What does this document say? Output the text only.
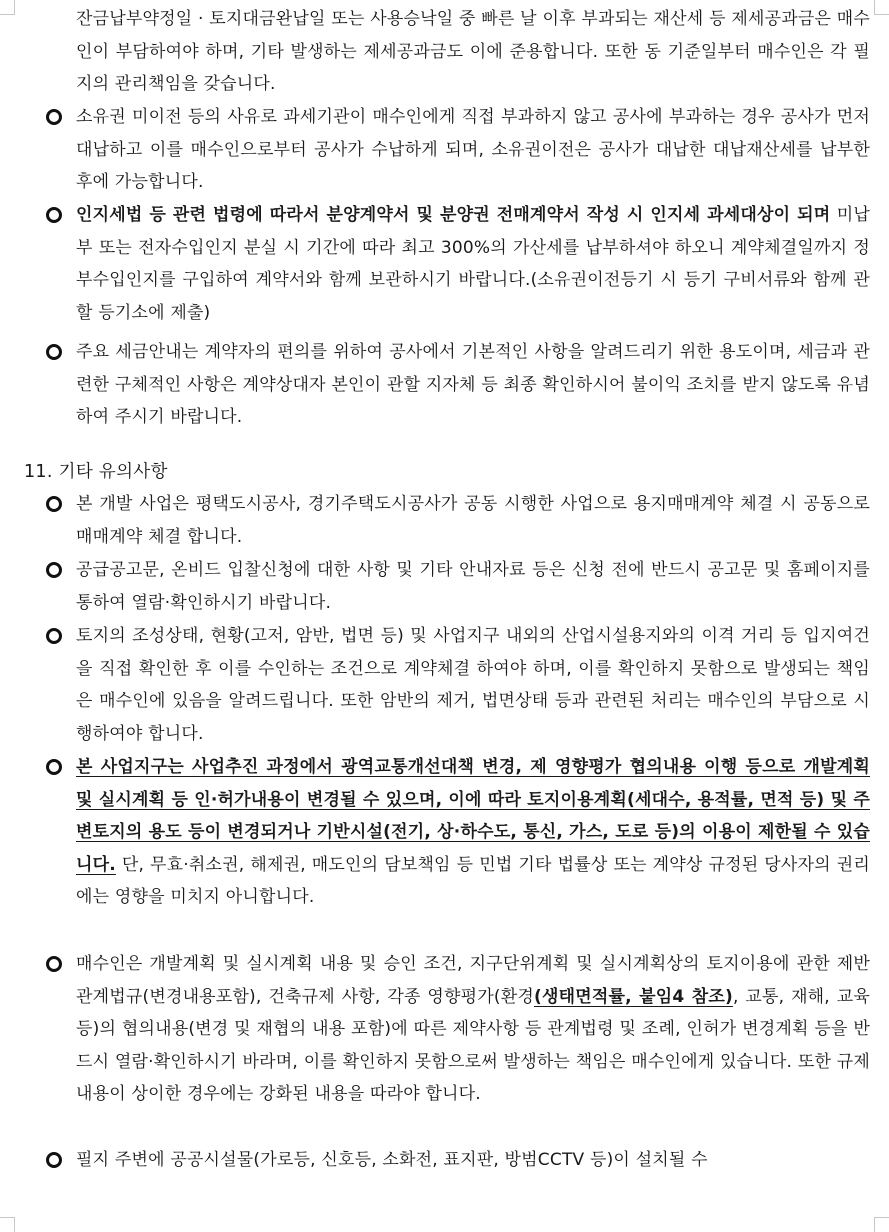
잔금납부약정일 · 토지대금완납일 또는 사용승낙일 중 빠른 날 이후 부과되는 재산세 등 제세공과금은 매수인이 부담하여야 하며, 기타 발생하는 제세공과금도 이에 준용합니다. 또한 동 기준일부터 매수인은 각 필지의 관리책임을 갖습니다.
소유권 미이전 등의 사유로 과세기관이 매수인에게 직접 부과하지 않고 공사에 부과하는 경우 공사가 먼저 대납하고 이를 매수인으로부터 공사가 수납하게 되며, 소유권이전은 공사가 대납한 대납재산세를 납부한 후에 가능합니다.
인지세법 등 관련 법령에 따라서 분양계약서 및 분양권 전매계약서 작성 시 인지세 과세대상이 되며 미납부 또는 전자수입인지 분실 시 기간에 따라 최고 300%의 가산세를 납부하셔야 하오니 계약체결일까지 정부수입인지를 구입하여 계약서와 함께 보관하시기 바랍니다.(소유권이전등기 시 등기 구비서류와 함께 관할 등기소에 제출)
주요 세금안내는 계약자의 편의를 위하여 공사에서 기본적인 사항을 알려드리기 위한 용도이며, 세금과 관련한 구체적인 사항은 계약상대자 본인이 관할 지자체 등 최종 확인하시어 불이익 조치를 받지 않도록 유념하여 주시기 바랍니다.
11. 기타 유의사항
본 개발 사업은 평택도시공사, 경기주택도시공사가 공동 시행한 사업으로 용지매매계약 체결 시 공동으로 매매계약 체결 합니다.
공급공고문, 온비드 입찰신청에 대한 사항 및 기타 안내자료 등은 신청 전에 반드시 공고문 및 홈페이지를 통하여 열람·확인하시기 바랍니다.
토지의 조성상태, 현황(고저, 암반, 법면 등) 및 사업지구 내외의 산업시설용지와의 이격 거리 등 입지여건을 직접 확인한 후 이를 수인하는 조건으로 계약체결 하여야 하며, 이를 확인하지 못함으로 발생되는 책임은 매수인에 있음을 알려드립니다. 또한 암반의 제거, 법면상태 등과 관련된 처리는 매수인의 부담으로 시행하여야 합니다.
본 사업지구는 사업추진 과정에서 광역교통개선대책 변경, 제 영향평가 협의내용 이행 등으로 개발계획 및 실시계획 등 인·허가내용이 변경될 수 있으며, 이에 따라 토지이용계획(세대수, 용적률, 면적 등) 및 주변토지의 용도 등이 변경되거나 기반시설(전기, 상·하수도, 통신, 가스, 도로 등)의 이용이 제한될 수 있습니다. 단, 무효·취소권, 해제권, 매도인의 담보책임 등 민법 기타 법률상 또는 계약상 규정된 당사자의 권리에는 영향을 미치지 아니합니다.
매수인은 개발계획 및 실시계획 내용 및 승인 조건, 지구단위계획 및 실시계획상의 토지이용에 관한 제반 관계법규(변경내용포함), 건축규제 사항, 각종 영향평가(환경(생태면적률, 붙임4 참조), 교통, 재해, 교육 등)의 협의내용(변경 및 재협의 내용 포함)에 따른 제약사항 등 관계법령 및 조례, 인허가 변경계획 등을 반드시 열람·확인하시기 바라며, 이를 확인하지 못함으로써 발생하는 책임은 매수인에게 있습니다. 또한 규제내용이 상이한 경우에는 강화된 내용을 따라야 합니다.
필지 주변에 공공시설물(가로등, 신호등, 소화전, 표지판, 방범CCTV 등)이 설치될 수
